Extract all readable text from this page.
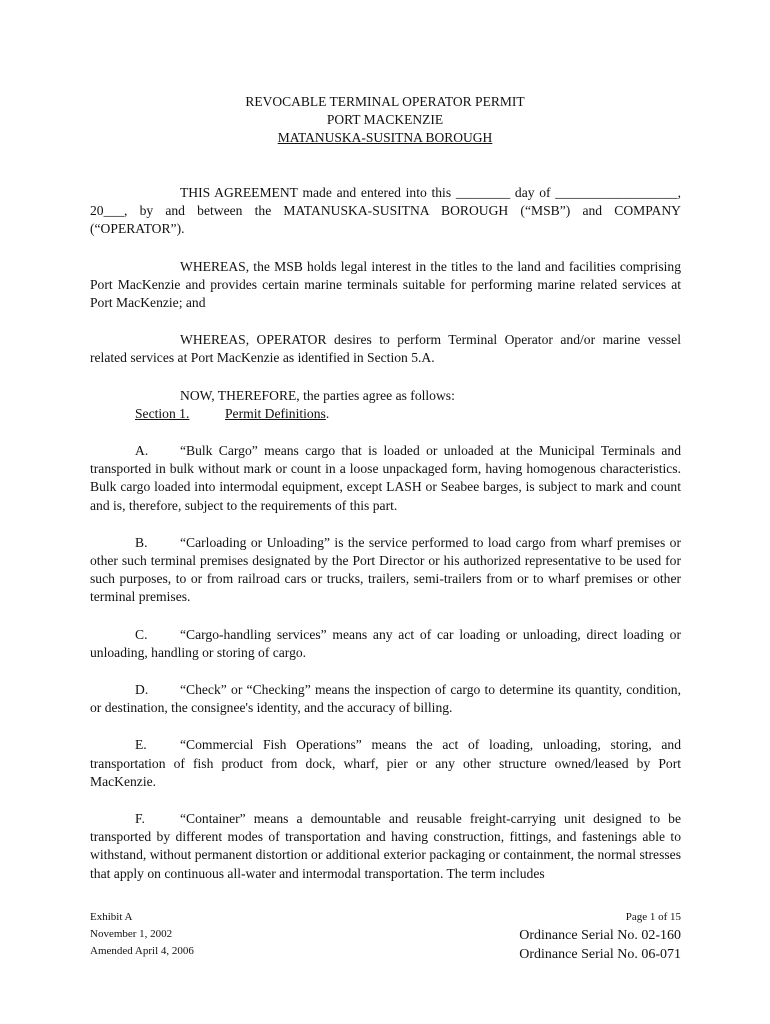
REVOCABLE TERMINAL OPERATOR PERMIT
PORT MACKENZIE
MATANUSKA-SUSITNA BOROUGH

THIS AGREEMENT made and entered into this ________ day of __________________, 20___, by and between the MATANUSKA-SUSITNA BOROUGH (“MSB”) and COMPANY (“OPERATOR”).

WHEREAS, the MSB holds legal interest in the titles to the land and facilities comprising Port MacKenzie and provides certain marine terminals suitable for performing marine related services at Port MacKenzie; and

WHEREAS, OPERATOR desires to perform Terminal Operator and/or marine vessel related services at Port MacKenzie as identified in Section 5.A.

NOW, THEREFORE, the parties agree as follows:

Section 1.	Permit Definitions.

A. “Bulk Cargo” means cargo that is loaded or unloaded at the Municipal Terminals and transported in bulk without mark or count in a loose unpackaged form, having homogenous characteristics. Bulk cargo loaded into intermodal equipment, except LASH or Seabee barges, is subject to mark and count and is, therefore, subject to the requirements of this part.

B. “Carloading or Unloading” is the service performed to load cargo from wharf premises or other such terminal premises designated by the Port Director or his authorized representative to be used for such purposes, to or from railroad cars or trucks, trailers, semi-trailers from or to wharf premises or other terminal premises.

C. “Cargo-handling services” means any act of car loading or unloading, direct loading or unloading, handling or storing of cargo.

D. “Check” or “Checking” means the inspection of cargo to determine its quantity, condition, or destination, the consignee's identity, and the accuracy of billing.

E. “Commercial Fish Operations” means the act of loading, unloading, storing, and transportation of fish product from dock, wharf, pier or any other structure owned/leased by Port MacKenzie.

F.	“Container” means a demountable and reusable freight-carrying unit designed to be transported by different modes of transportation and having construction, fittings, and fastenings able to withstand, without permanent distortion or additional exterior packaging or containment, the normal stresses that apply on continuous all-water and intermodal transportation. The term includes

Exhibit A
November 1, 2002
Amended April 4, 2006
Page 1 of 15
Ordinance Serial No. 02-160
Ordinance Serial No. 06-071
